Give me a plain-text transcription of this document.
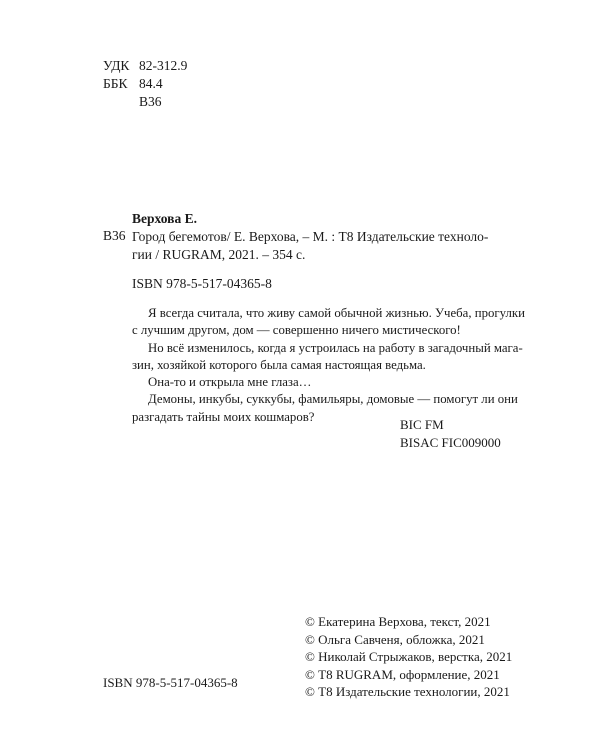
УДК 82-312.9
ББК 84.4
В36
Верхова Е.
В36 Город бегемотов/ Е. Верхова, – М. : Т8 Издательские техноло-
гии / RUGRAM, 2021. – 354 с.
ISBN 978-5-517-04365-8
Я всегда считала, что живу самой обычной жизнью. Учеба, прогулки
с лучшим другом, дом — совершенно ничего мистического!
Но всё изменилось, когда я устроилась на работу в загадочный мага-
зин, хозяйкой которого была самая настоящая ведьма.
Она-то и открыла мне глаза…
Демоны, инкубы, суккубы, фамильяры, домовые — помогут ли они
разгадать тайны моих кошмаров?
BIC FM
BISAC FIC009000
ISBN 978-5-517-04365-8
© Екатерина Верхова, текст, 2021
© Ольга Савченя, обложка, 2021
© Николай Стрыжаков, верстка, 2021
© Т8 RUGRAM, оформление, 2021
© Т8 Издательские технологии, 2021
